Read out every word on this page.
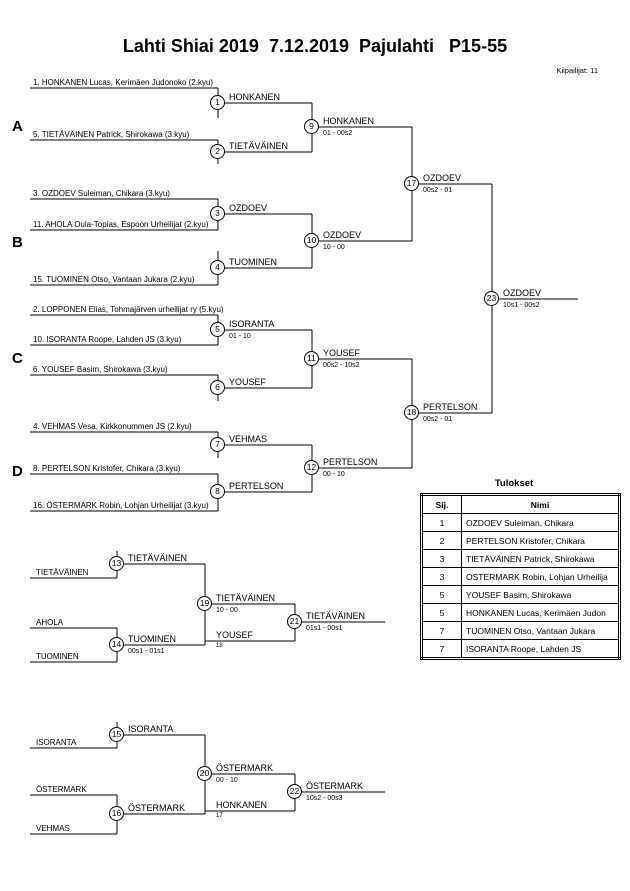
Lahti Shiai 2019  7.12.2019  Pajulahti   P15-55
Kilpailijat: 11
A
B
C
D
1. HONKANEN Lucas, Kerimäen Judonoko (2.kyu)
5. TIETÄVÄINEN Patrick, Shirokawa (3.kyu)
3. OZDOEV Suleiman, Chikara (3.kyu)
11. AHOLA Oula-Topias, Espoon Urheilijat (2.kyu)
15. TUOMINEN Otso, Vantaan Jukara (2.kyu)
2. LOPPONEN Elias, Tohmajärven urheilijat ry (5.kyu)
10. ISORANTA Roope, Lahden JS (3.kyu)
6. YOUSEF Basim, Shirokawa (3.kyu)
4. VEHMAS Vesa, Kirkkonummen JS (2.kyu)
8. PERTELSON Kristofer, Chikara (3.kyu)
16. ÖSTERMARK Robin, Lohjan Urheilijat (3.kyu)
HONKANEN
TIETÄVÄINEN
OZDOEV
TUOMINEN
ISORANTA
01 - 10
YOUSEF
VEHMAS
PERTELSON
HONKANEN
01 - 00s2
OZDOEV
10 - 00
YOUSEF
00s2 - 10s2
PERTELSON
00 - 10
OZDOEV
00s2 - 01
PERTELSON
00s2 - 01
OZDOEV
10s1 - 00s2
TIETÄVÄINEN
AHOLA
TUOMINEN
TIETÄVÄINEN
TUOMINEN
00s1 - 01s1
TIETÄVÄINEN
10 - 00
YOUSEF
18
TIETÄVÄINEN
01s1 - 00s1
ISORANTA
ÖSTERMARK
VEHMAS
ISORANTA
ÖSTERMARK
ÖSTERMARK
00 - 10
HONKANEN
17
ÖSTERMARK
10s2 - 00s3
1
2
3
4
5
6
7
8
9
10
11
12
17
18
23
13
14
19
21
15
16
20
22
Tulokset
Sij.	Nimi
1	OZDOEV Suleiman, Chikara
2	PERTELSON Kristofer, Chikara
3	TIETÄVÄINEN Patrick, Shirokawa
3	OSTERMARK Robin, Lohjan Urheilija
5	YOUSEF Basim, Shirokawa
5	HONKANEN Lucas, Kerimäen Judon
7	TUOMINEN Otso, Vantaan Jukara
7	ISORANTA Roope, Lahden JS
